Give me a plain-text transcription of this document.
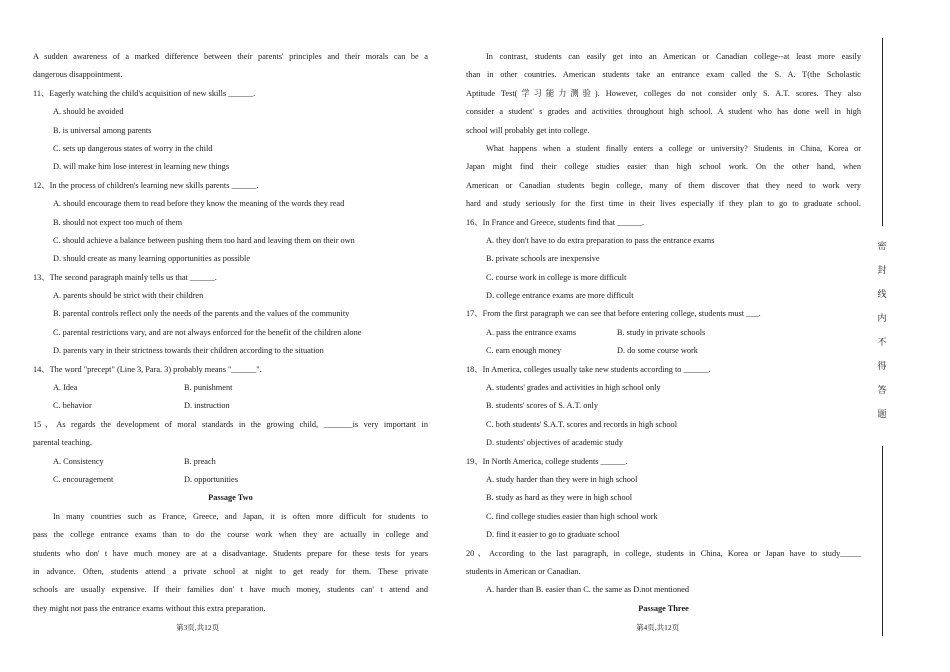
A sudden awareness of a marked difference between their parents' principles and their morals can be a
dangerous disappointment.
11、Eagerly watching the child's acquisition of new skills ______.
A. should be avoided
B. is universal among parents
C. sets up dangerous states of worry in the child
D. will make him lose interest in learning new things
12、In the process of children's learning new skills parents ______.
A. should encourage them to read before they know the meaning of the words they read
B. should not expect too much of them
C. should achieve a balance between pushing them too hard and leaving them on their own
D. should create as many learning opportunities as possible
13、The second paragraph mainly tells us that ______.
A. parents should be strict with their children
B. parental controls reflect only the needs of the parents and the values of the community
C. parental restrictions vary, and are not always enforced for the benefit of the children alone
D. parents vary in their strictness towards their children according to the situation
14、The word "precept" (Line 3, Para. 3) probably means "______".
A. Idea	B. punishment
C. behavior	D. instruction
15、As regards the development of moral standards in the growing child, _______is very important in
parental teaching.
A. Consistency	B. preach
C. encouragement	D. opportunities
Passage Two
In many countries such as France, Greece, and Japan, it is often more difficult for students to
pass the college entrance exams than to do the course work when they are actually in college and
students who don' t have much money are at a disadvantage. Students prepare for these tests for years
in advance. Often, students attend a private school at night to get ready for them. These private
schools are usually expensive. If their families don' t have much money, students can' t attend and
they might not pass the entrance exams without this extra preparation.
In contrast, students can easily get into an American or Canadian college--at least more easily
than in other countries. American students take an entrance exam called the S. A. T(the Scholastic
Aptitude Test(学习能力测验). However, colleges do not consider only S. A.T. scores. They also
consider a student' s grades and activities throughout high school. A student who has done well in high
school will probably get into college.
What happens when a student finally enters a college or university? Students in China, Korea or
Japan might find their college studies easier than high school work. On the other hand, when
American or Canadian students begin college, many of them discover that they need to work very
hard and study seriously for the first time in their lives especially if they plan to go to graduate school.
16、In France and Greece, students find that ______.
A. they don't have to do extra preparation to pass the entrance exams
B. private schools are inexpensive
C. course work in college is more difficult
D. college entrance exams are more difficult
17、From the first paragraph we can see that before entering college, students must ___.
A. pass the entrance exams	B. study in private schools
C. earn enough money	D. do some course work
18、In America, colleges usually take new students according to ______.
A. students' grades and activities in high school only
B. students' scores of S. A.T. only
C. both students' S.A.T. scores and records in high school
D. students' objectives of academic study
19、In North America, college students ______.
A. study harder than they were in high school
B. study as hard as they were in high school
C. find college studies easier than high school work
D. find it easier to go to graduate school
20、According to the last paragraph, in college, students in China, Korea or Japan have to study_____
students in American or Canadian.
A. harder than B. easier than C. the same as D.not mentioned
Passage Three
第3页,共12页	第4页,共12页
密
封
线
内
不
得
答
题
